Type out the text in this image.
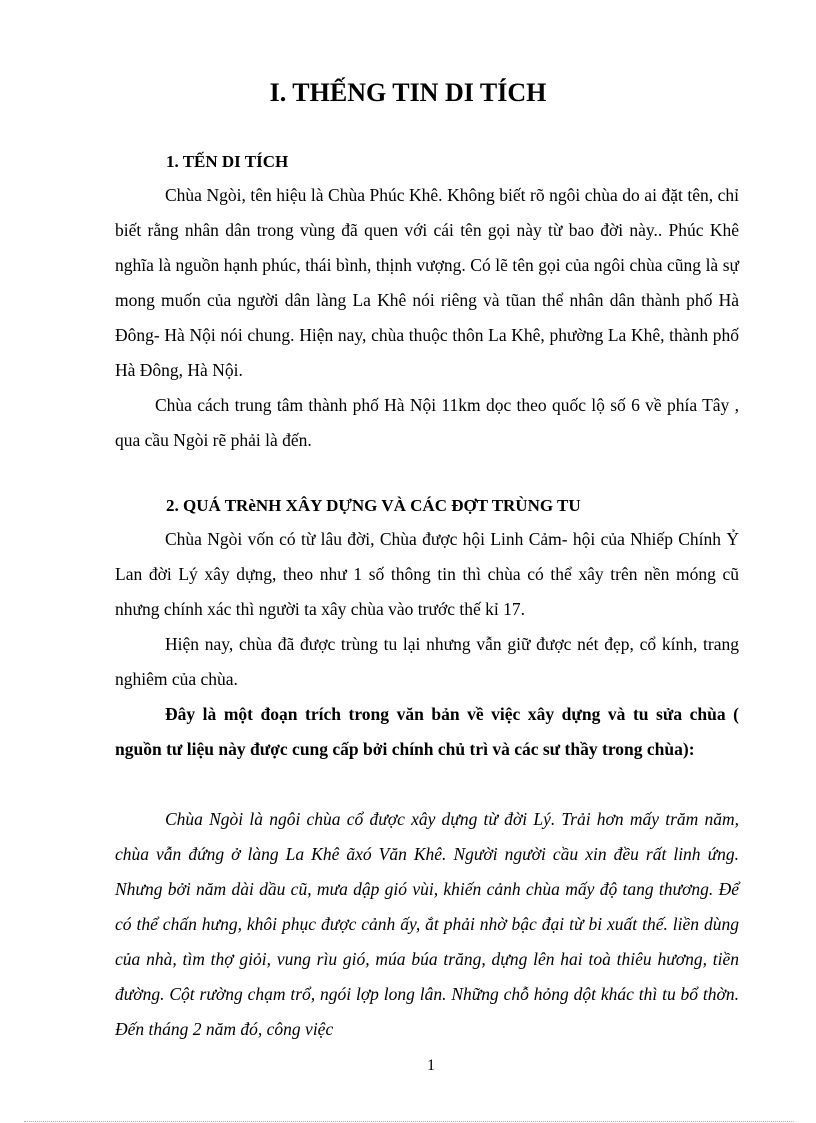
I. THẾNG TIN DI TÍCH
1. TẾN DI TÍCH

Chùa Ngòi, tên hiệu là Chùa Phúc Khê. Không biết rõ ngôi chùa do ai đặt tên, chỉ biết rằng nhân dân trong vùng đã quen với cái tên gọi này từ bao đời này.. Phúc Khê nghĩa là nguồn hạnh phúc, thái bình, thịnh vượng. Có lẽ tên gọi của ngôi chùa cũng là sự mong muốn của người dân làng La Khê nói riêng và tũan thể nhân dân thành phố Hà Đông- Hà Nội nói chung. Hiện nay, chùa thuộc thôn La Khê, phường La Khê, thành phố Hà Đông, Hà Nội.

Chùa cách trung tâm thành phố Hà Nội 11km dọc theo quốc lộ số 6 về phía Tây , qua cầu Ngòi rẽ phải là đến.

2. QUÁ TRèNH XÂY DỰNG VÀ CÁC ĐỢT TRÙNG TU

Chùa Ngòi vốn có từ lâu đời, Chùa được hội Linh Cảm- hội của Nhiếp Chính Ỷ Lan đời Lý xây dựng, theo như 1 số thông tin thì chùa có thể xây trên nền móng cũ nhưng chính xác thì người ta xây chùa vào trước thế kỉ 17.

Hiện nay, chùa đã được trùng tu lại nhưng vẫn giữ được nét đẹp, cổ kính, trang nghiêm của chùa.

Đây là một đoạn trích trong văn bản về việc xây dựng và tu sửa chùa ( nguồn tư liệu này được cung cấp bởi chính chủ trì và các sư thầy trong chùa):

Chùa Ngòi là ngôi chùa cổ được xây dựng từ đời Lý. Trải hơn mấy trăm năm, chùa vẫn đứng ở làng La Khê ãxó Văn Khê. Người người cầu xin đều rất linh ứng. Nhưng bởi năm dài dầu cũ, mưa dập gió vùi, khiến cảnh chùa mấy độ tang thương. Để có thể chấn hưng, khôi phục được cảnh ấy, ắt phải nhờ bậc đại từ bi xuất thế. liền dùng của nhà, tìm thợ giỏi, vung rìu gió, múa búa trăng, dựng lên hai toà thiêu hương, tiền đường. Cột rường chạm trổ, ngói lợp long lân. Những chỗ hỏng dột khác thì tu bổ thờn. Đến tháng 2 năm đó, công việc

1
